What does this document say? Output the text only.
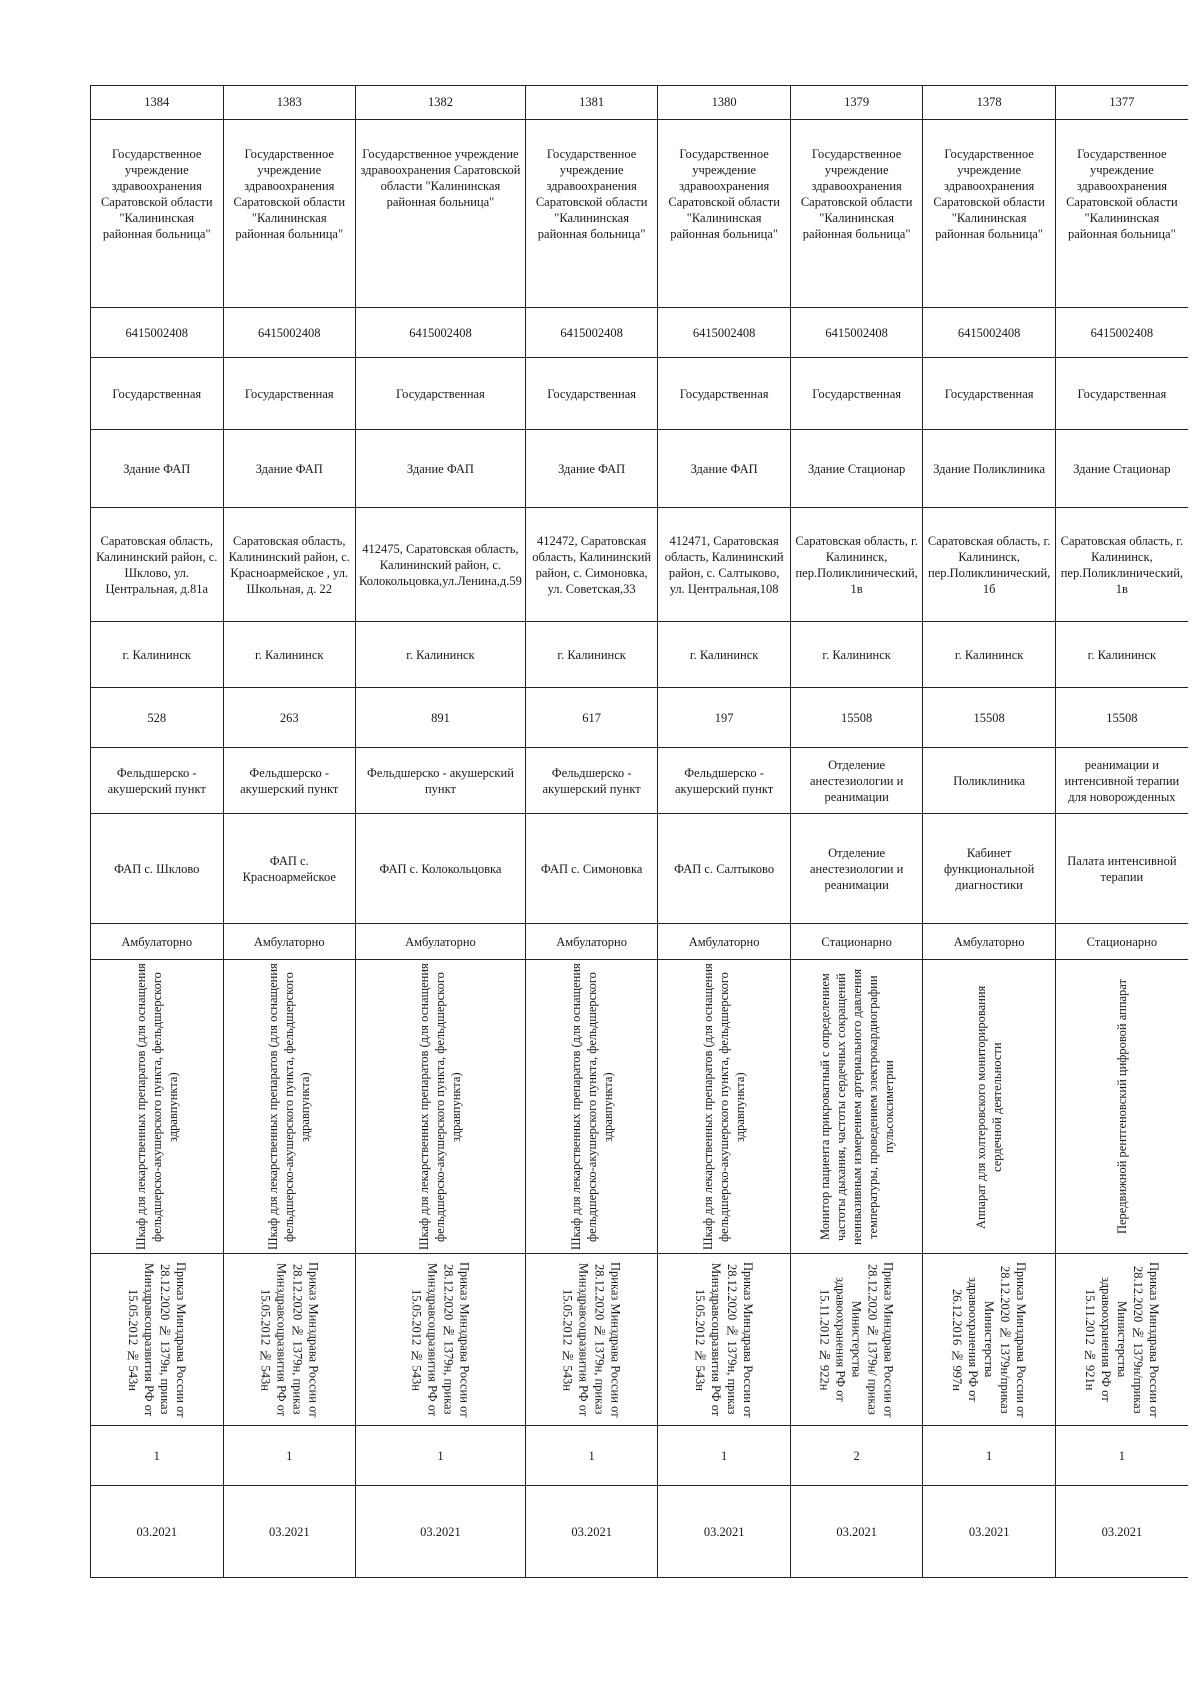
1384	1383	1382	1381	1380	1379	1378	1377
Государственное учреждение здравоохранения Саратовской области "Калининская районная больница"	Государственное учреждение здравоохранения Саратовской области "Калининская районная больница"	Государственное учреждение здравоохранения Саратовской области "Калининская районная больница"	Государственное учреждение здравоохранения Саратовской области "Калининская районная больница"	Государственное учреждение здравоохранения Саратовской области "Калининская районная больница"	Государственное учреждение здравоохранения Саратовской области "Калининская районная больница"	Государственное учреждение здравоохранения Саратовской области "Калининская районная больница"	Государственное учреждение здравоохранения Саратовской области "Калининская районная больница"
6415002408	6415002408	6415002408	6415002408	6415002408	6415002408	6415002408	6415002408
Государственная	Государственная	Государственная	Государственная	Государственная	Государственная	Государственная	Государственная
Здание ФАП	Здание ФАП	Здание ФАП	Здание ФАП	Здание ФАП	Здание Стационар	Здание Поликлиника	Здание Стационар
Саратовская область, Калининский район, с. Шклово, ул. Центральная, д.81а	Саратовская область, Калининский район, с. Красноармейское , ул. Школьная, д. 22	412475, Саратовская область, Калининский район, с. Колокольцовка,ул.Ленина,д.59	412472, Саратовская область, Калининский район, с. Симоновка, ул. Советская,33	412471, Саратовская область, Калининский район, с. Салтыково, ул. Центральная,108	Саратовская область, г. Калининск, пер.Поликлинический, 1в	Саратовская область, г. Калининск, пер.Поликлинический, 1б	Саратовская область, г. Калининск, пер.Поликлинический, 1в
г. Калининск	г. Калининск	г. Калининск	г. Калининск	г. Калининск	г. Калининск	г. Калининск	г. Калининск
528	263	891	617	197	15508	15508	15508
Фельдшерско - акушерский пункт	Фельдшерско - акушерский пункт	Фельдшерско - акушерский пункт	Фельдшерско - акушерский пункт	Фельдшерско - акушерский пункт	Отделение анестезиологии и реанимации	Поликлиника	реанимации и интенсивной терапии для новорожденных
ФАП с. Шклово	ФАП с. Красноармейское	ФАП с. Колокольцовка	ФАП с. Симоновка	ФАП с. Салтыково	Отделение анестезиологии и реанимации	Кабинет функциональной диагностики	Палата интенсивной терапии
Амбулаторно	Амбулаторно	Амбулаторно	Амбулаторно	Амбулаторно	Стационарно	Амбулаторно	Стационарно

Шкаф для лекарственных препаратов (для оснащения фельдшерско-акушерского пункта, фельдшерского здравпункта)	Шкаф для лекарственных препаратов (для оснащения фельдшерско-акушерского пункта, фельдшерского здравпункта)	Шкаф для лекарственных препаратов (для оснащения фельдшерско-акушерского пункта, фельдшерского здравпункта)	Шкаф для лекарственных препаратов (для оснащения фельдшерско-акушерского пункта, фельдшерского здравпункта)	Шкаф для лекарственных препаратов (для оснащения фельдшерско-акушерского пункта, фельдшерского здравпункта)	Монитор пациента прикроватный с определением частоты дыхания, частоты сердечных сокращений неинвазивным измерением артериального давления температуры, проведением электрокардиографии пульсоксиметрии	Аппарат для холтеровского мониторирования сердечной деятельности	Передвижной рентгеновский цифровой аппарат

Приказ Минздрава России от 28.12.2020 № 1379н, приказ Минздравсоцразвития РФ от 15.05.2012 № 543н	Приказ Минздрава России от 28.12.2020 № 1379н, приказ Минздравсоцразвития РФ от 15.05.2012 № 543н	Приказ Минздрава России от 28.12.2020 № 1379н, приказ Минздравсоцразвития РФ от 15.05.2012 № 543н	Приказ Минздрава России от 28.12.2020 № 1379н, приказ Минздравсоцразвития РФ от 15.05.2012 № 543н	Приказ Минздрава России от 28.12.2020 № 1379н, приказ Минздравсоцразвития РФ от 15.05.2012 № 543н	Приказ Минздрава России от 28.12.2020 № 1379н/ приказ Министерства здравоохранения РФ от 15.11.2012 № 922н	Приказ Минздрава России от 28.12.2020 № 1379н/приказ Министерства здравоохранения РФ от 26.12.2016 № 997н	Приказ Минздрава России от 28.12.2020 № 1379н/приказ Министерства здравоохранения РФ от 15.11.2012 № 921н

1	1	1	1	1	2	1	1
03.2021	03.2021	03.2021	03.2021	03.2021	03.2021	03.2021	03.2021
